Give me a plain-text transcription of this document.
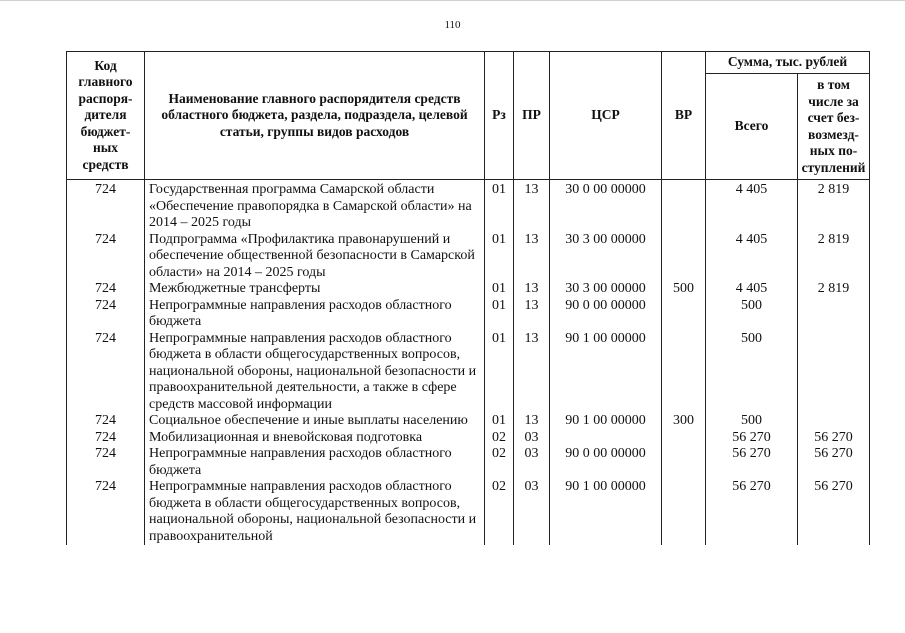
110
Код главного распоря-дителя бюджет-ных средств	Наименование главного распорядителя средств областного бюджета, раздела, подраздела, целевой статьи, группы видов расходов	Рз	ПР	ЦСР	ВР	Сумма, тыс. рублей	
						Всего	в том числе за счет без-возмезд-ных по-ступлений
724	Государственная программа Самарской области «Обеспечение правопорядка в Самарской области» на 2014 – 2025 годы	01	13	30 0 00 00000		4 405	2 819
724	Подпрограмма «Профилактика правонарушений и обеспечение общественной безопасности в Самарской области» на 2014 – 2025 годы	01	13	30 3 00 00000		4 405	2 819
724	Межбюджетные трансферты	01	13	30 3 00 00000	500	4 405	2 819
724	Непрограммные направления расходов областного бюджета	01	13	90 0 00 00000		500	
724	Непрограммные направления расходов областного бюджета в области общегосударственных вопросов, национальной обороны, национальной безопасности и правоохранительной деятельности, а также в сфере средств массовой информации	01	13	90 1 00 00000		500	
724	Социальное обеспечение и иные выплаты населению	01	13	90 1 00 00000	300	500	
724	Мобилизационная и вневойсковая подготовка	02	03			56 270	56 270
724	Непрограммные направления расходов областного бюджета	02	03	90 0 00 00000		56 270	56 270
724	Непрограммные направления расходов областного бюджета в области общегосударственных вопросов, национальной обороны, национальной безопасности и правоохранительной	02	03	90 1 00 00000		56 270	56 270
